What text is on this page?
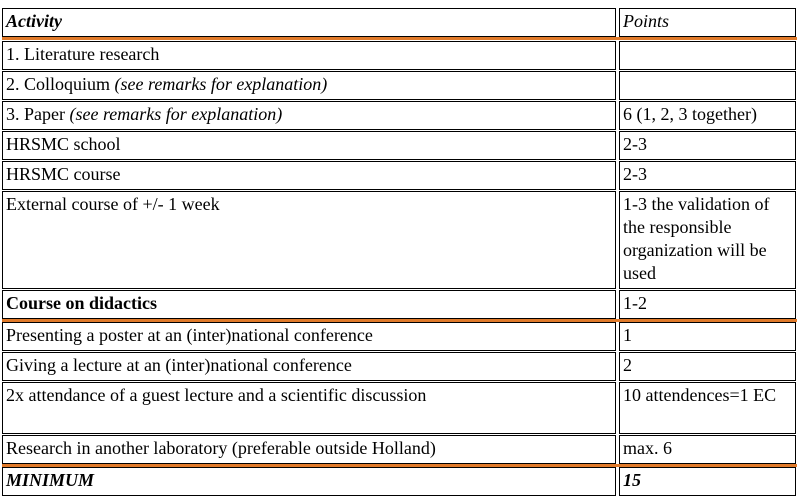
Activity	Points
1. Literature research
2. Colloquium (see remarks for explanation)
3. Paper (see remarks for explanation)	6 (1, 2, 3 together)
HRSMC school	2-3
HRSMC course	2-3
External course of +/- 1 week	1-3 the validation of the responsible organization will be used
Course on didactics	1-2
Presenting a poster at an (inter)national conference	1
Giving a lecture at an (inter)national conference	2
2x attendance of a guest lecture and a scientific discussion	10 attendences=1 EC
Research in another laboratory (preferable outside Holland)	max. 6
MINIMUM	15
